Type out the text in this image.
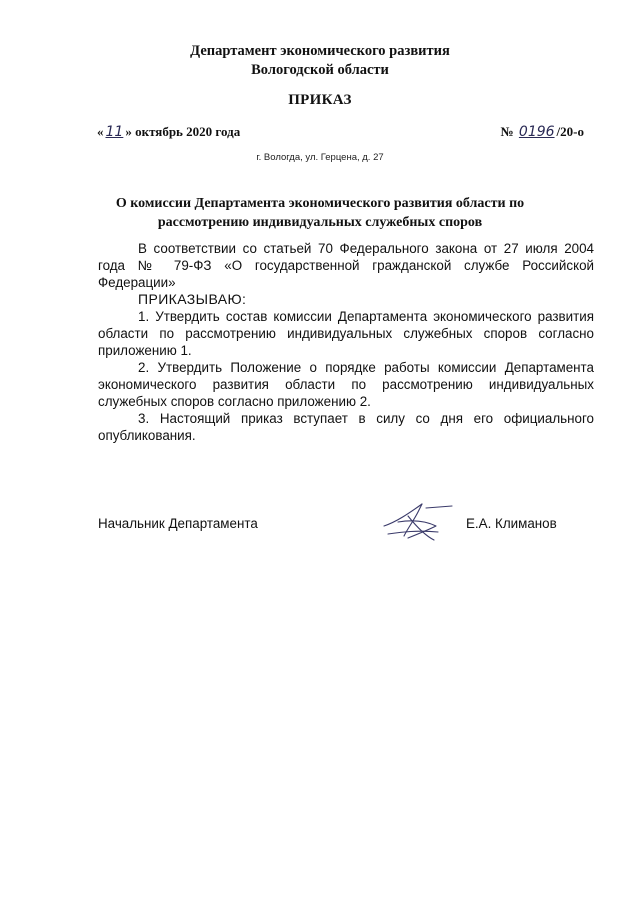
Департамент экономического развития
Вологодской области
ПРИКАЗ
« 11 » октябрь 2020 года	№ 0196 /20-о
г. Вологда, ул. Герцена, д. 27
О комиссии Департамента экономического развития области по
рассмотрению индивидуальных служебных споров

В соответствии со статьей 70 Федерального закона от 27 июля 2004 года № 79-ФЗ «О государственной гражданской службе Российской Федерации»

ПРИКАЗЫВАЮ:

1. Утвердить состав комиссии Департамента экономического развития области по рассмотрению индивидуальных служебных споров согласно приложению 1.

2. Утвердить Положение о порядке работы комиссии Департамента экономического развития области по рассмотрению индивидуальных служебных споров согласно приложению 2.

3. Настоящий приказ вступает в силу со дня его официального опубликования.

Начальник Департамента	Е.А. Климанов
